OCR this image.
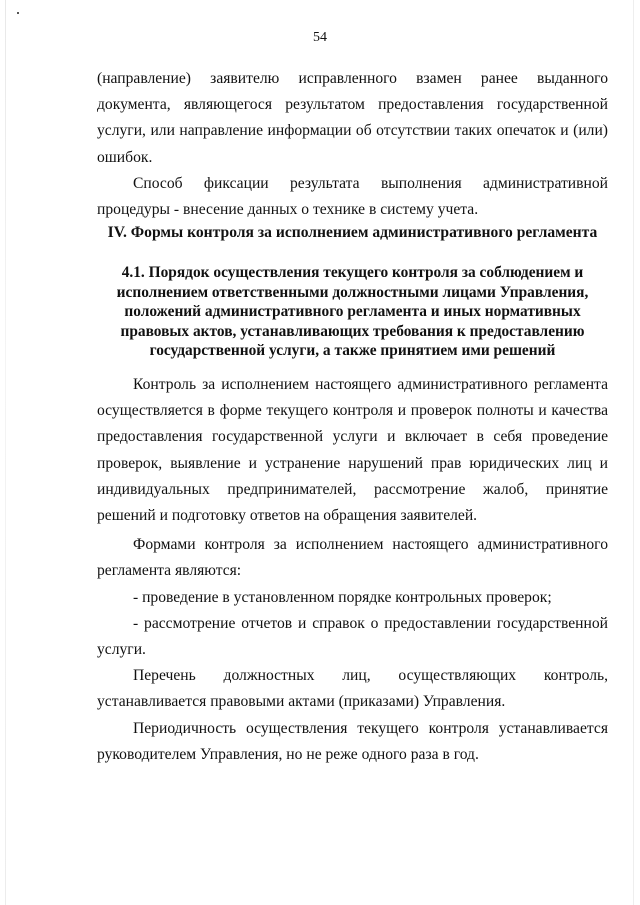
54

(направление) заявителю исправленного взамен ранее выданного документа, являющегося результатом предоставления государственной услуги, или направление информации об отсутствии таких опечаток и (или) ошибок.

Способ фиксации результата выполнения административной процедуры - внесение данных о технике в систему учета.

IV. Формы контроля за исполнением административного регламента

4.1. Порядок осуществления текущего контроля за соблюдением и

исполнением ответственными должностными лицами Управления,

положений административного регламента и иных нормативных

правовых актов, устанавливающих требования к предоставлению

государственной услуги, а также принятием ими решений

Контроль за исполнением настоящего административного регламента осуществляется в форме текущего контроля и проверок полноты и качества предоставления государственной услуги и включает в себя проведение проверок, выявление и устранение нарушений прав юридических лиц и индивидуальных предпринимателей, рассмотрение жалоб, принятие решений и подготовку ответов на обращения заявителей.

Формами контроля за исполнением настоящего административного регламента являются:

- проведение в установленном порядке контрольных проверок;

- рассмотрение отчетов и справок о предоставлении государственной услуги.

Перечень должностных лиц, осуществляющих контроль, устанавливается правовыми актами (приказами) Управления.

Периодичность осуществления текущего контроля устанавливается руководителем Управления, но не реже одного раза в год.
